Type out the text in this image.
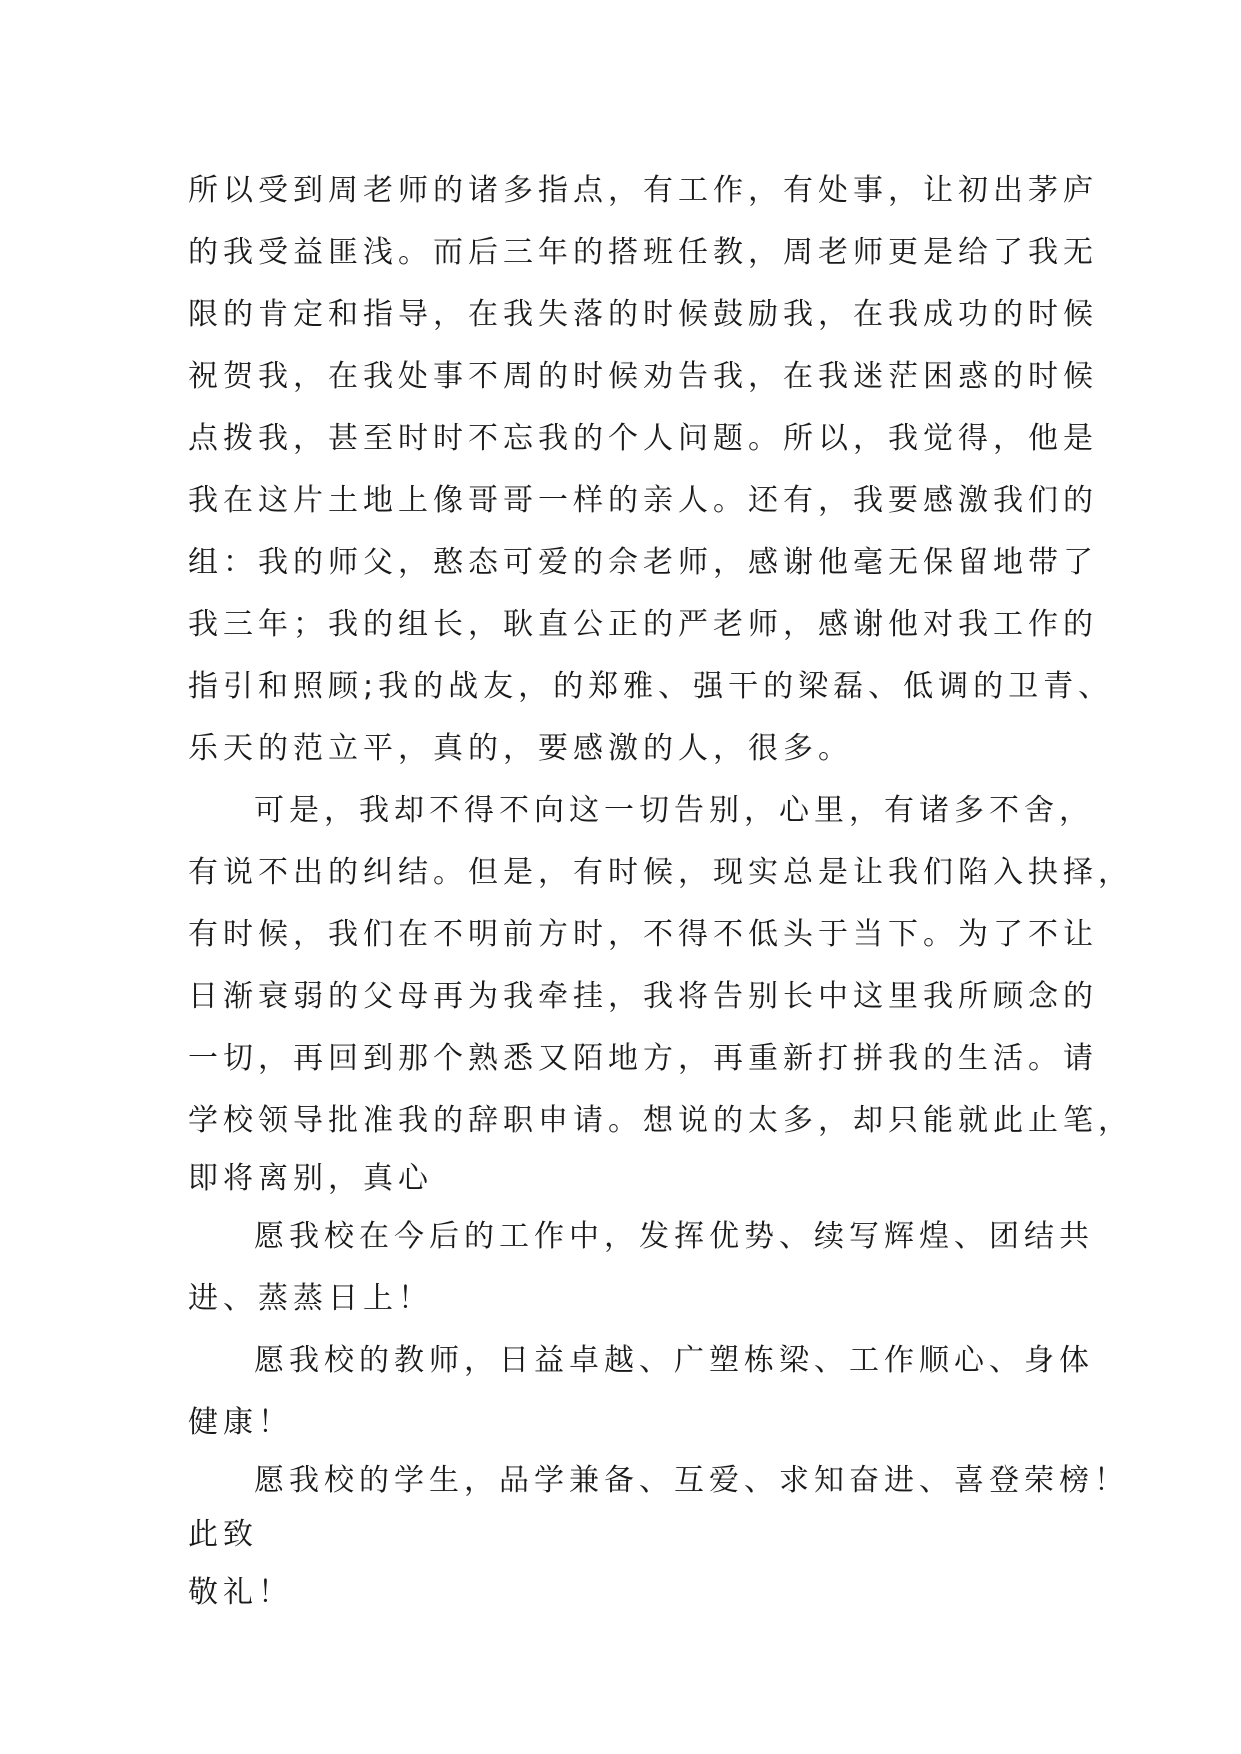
所以受到周老师的诸多指点，有工作，有处事，让初出茅庐
的我受益匪浅。而后三年的搭班任教，周老师更是给了我无
限的肯定和指导，在我失落的时候鼓励我，在我成功的时候
祝贺我，在我处事不周的时候劝告我，在我迷茫困惑的时候
点拨我，甚至时时不忘我的个人问题。所以，我觉得，他是
我在这片土地上像哥哥一样的亲人。还有，我要感激我们的
组：我的师父，憨态可爱的佘老师，感谢他毫无保留地带了
我三年；我的组长，耿直公正的严老师，感谢他对我工作的
指引和照顾;我的战友，的郑雅、强干的梁磊、低调的卫青、
乐天的范立平，真的，要感激的人，很多。
可是，我却不得不向这一切告别，心里，有诸多不舍，
有说不出的纠结。但是，有时候，现实总是让我们陷入抉择，
有时候，我们在不明前方时，不得不低头于当下。为了不让
日渐衰弱的父母再为我牵挂，我将告别长中这里我所顾念的
一切，再回到那个熟悉又陌地方，再重新打拼我的生活。请
学校领导批准我的辞职申请。想说的太多，却只能就此止笔，
即将离别，真心
愿我校在今后的工作中，发挥优势、续写辉煌、团结共
进、蒸蒸日上！
愿我校的教师，日益卓越、广塑栋梁、工作顺心、身体
健康！
愿我校的学生，品学兼备、互爱、求知奋进、喜登荣榜！
此致
敬礼！
